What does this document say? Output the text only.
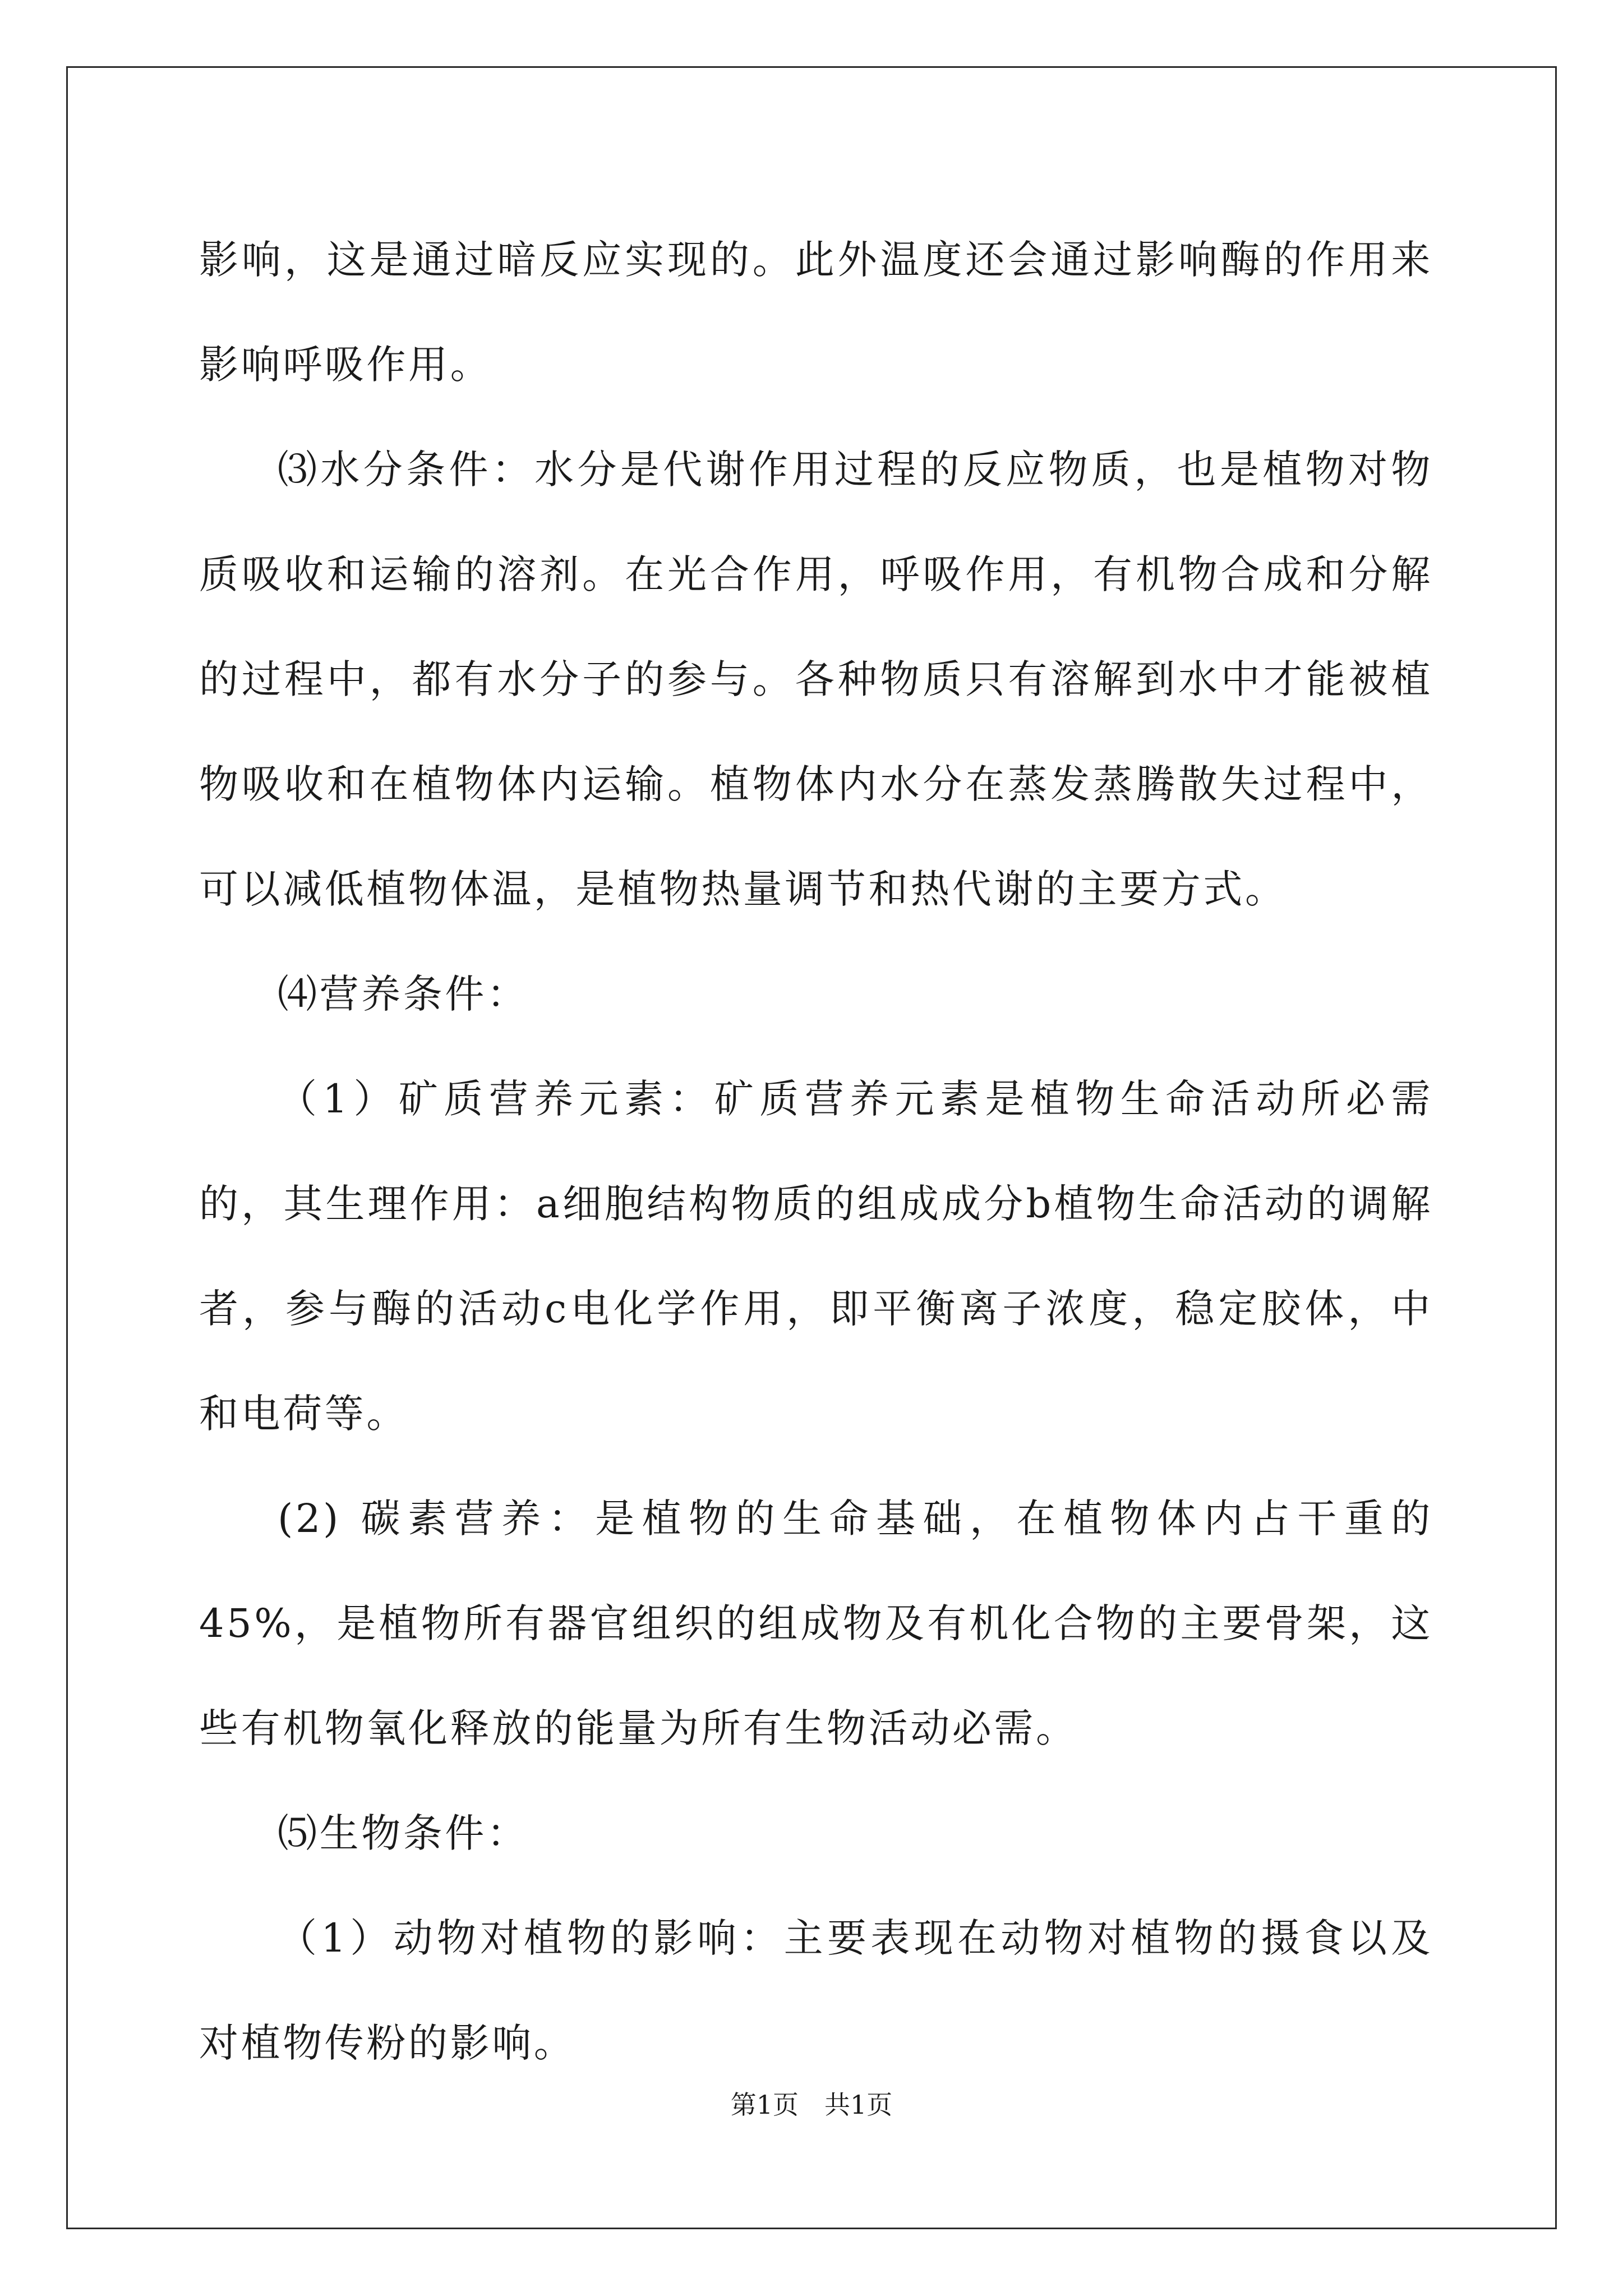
影响，这是通过暗反应实现的。此外温度还会通过影响酶的作用来影响呼吸作用。

⑶水分条件：水分是代谢作用过程的反应物质，也是植物对物质吸收和运输的溶剂。在光合作用，呼吸作用，有机物合成和分解的过程中，都有水分子的参与。各种物质只有溶解到水中才能被植物吸收和在植物体内运输。植物体内水分在蒸发蒸腾散失过程中，可以减低植物体温，是植物热量调节和热代谢的主要方式。

⑷营养条件：

（1）矿质营养元素：矿质营养元素是植物生命活动所必需的，其生理作用：a细胞结构物质的组成成分b植物生命活动的调解者，参与酶的活动c电化学作用，即平衡离子浓度，稳定胶体，中和电荷等。

(2) 碳素营养：是植物的生命基础，在植物体内占干重的45%，是植物所有器官组织的组成物及有机化合物的主要骨架，这些有机物氧化释放的能量为所有生物活动必需。

⑸生物条件：

（1）动物对植物的影响：主要表现在动物对植物的摄食以及对植物传粉的影响。

第1页 共1页
